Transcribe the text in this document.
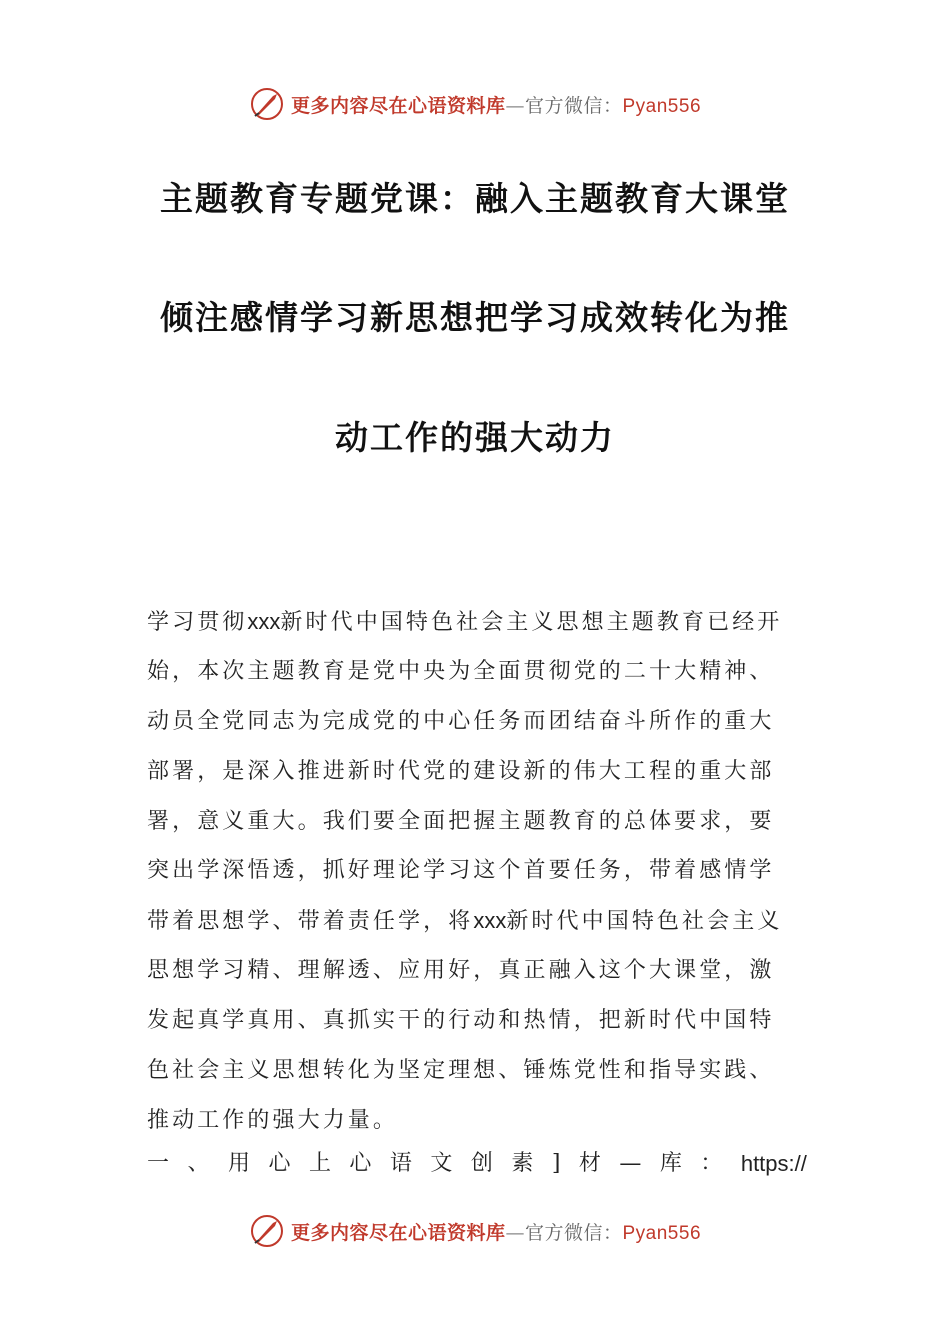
更多内容尽在心语资料库—官方微信：Pyan556
主题教育专题党课：融入主题教育大课堂
倾注感情学习新思想把学习成效转化为推
动工作的强大动力
学习贯彻xxx新时代中国特色社会主义思想主题教育已经开
始，本次主题教育是党中央为全面贯彻党的二十大精神、
动员全党同志为完成党的中心任务而团结奋斗所作的重大
部署，是深入推进新时代党的建设新的伟大工程的重大部
署，意义重大。我们要全面把握主题教育的总体要求，要
突出学深悟透，抓好理论学习这个首要任务，带着感情学
带着思想学、带着责任学，将xxx新时代中国特色社会主义
思想学习精、理解透、应用好，真正融入这个大课堂，激
发起真学真用、真抓实干的行动和热情，把新时代中国特
色社会主义思想转化为坚定理想、锤炼党性和指导实践、
推动工作的强大力量。
一 、 用 心 上 心 语 文 创 素 ] 材 — 库 ： https://
更多内容尽在心语资料库—官方微信：Pyan556
